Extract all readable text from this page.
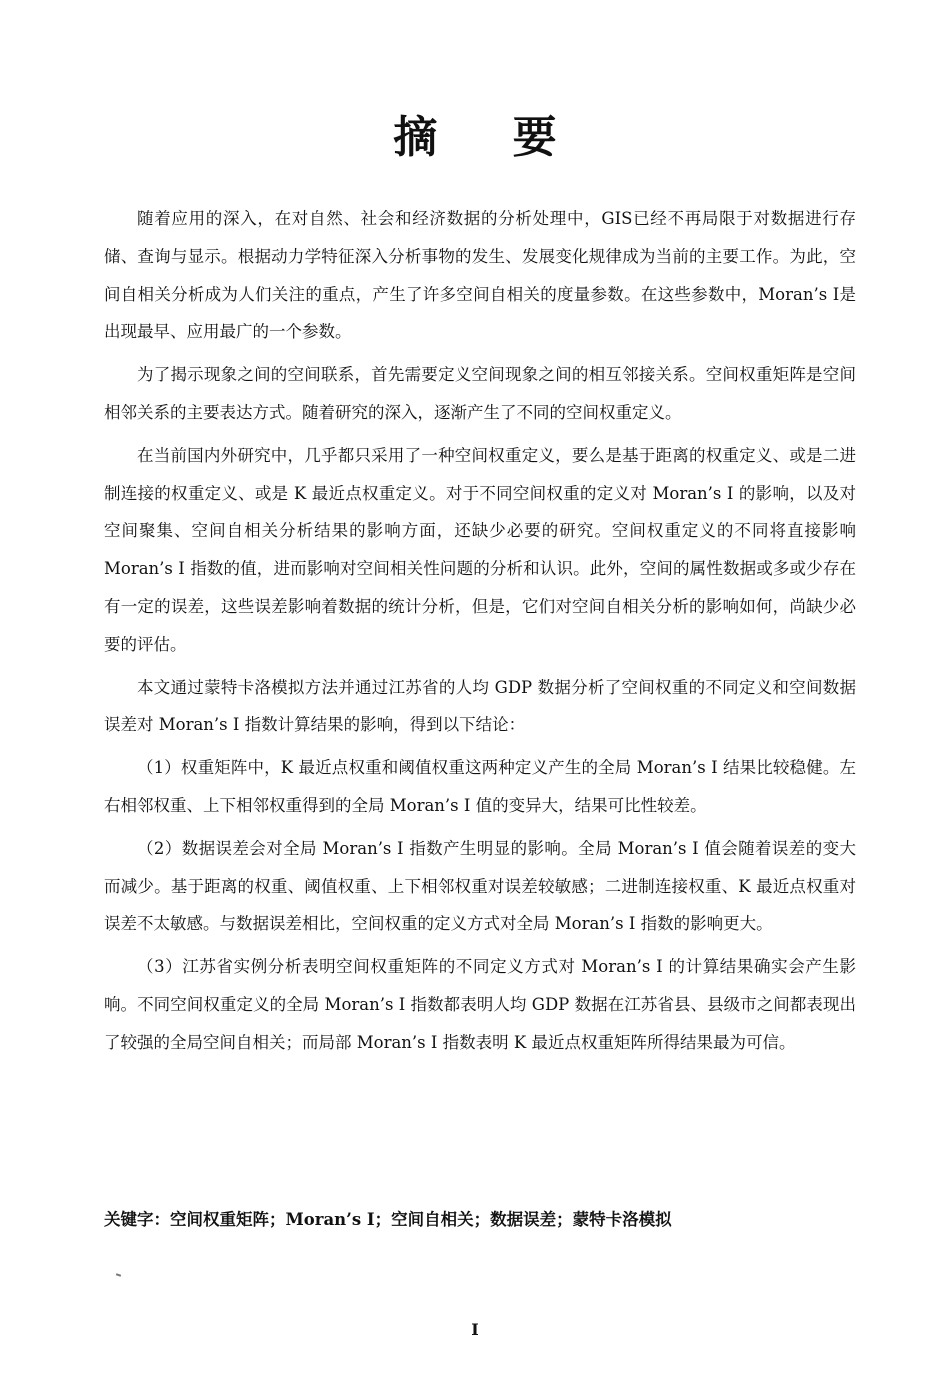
摘 要

随着应用的深入，在对自然、社会和经济数据的分析处理中，GIS已经不再局限于对数据进行存储、查询与显示。根据动力学特征深入分析事物的发生、发展变化规律成为当前的主要工作。为此，空间自相关分析成为人们关注的重点，产生了许多空间自相关的度量参数。在这些参数中，Moran’s I是出现最早、应用最广的一个参数。

为了揭示现象之间的空间联系，首先需要定义空间现象之间的相互邻接关系。空间权重矩阵是空间相邻关系的主要表达方式。随着研究的深入，逐渐产生了不同的空间权重定义。

在当前国内外研究中，几乎都只采用了一种空间权重定义，要么是基于距离的权重定义、或是二进制连接的权重定义、或是 K 最近点权重定义。对于不同空间权重的定义对 Moran’s I 的影响，以及对空间聚集、空间自相关分析结果的影响方面，还缺少必要的研究。空间权重定义的不同将直接影响 Moran’s I 指数的值，进而影响对空间相关性问题的分析和认识。此外，空间的属性数据或多或少存在有一定的误差，这些误差影响着数据的统计分析，但是，它们对空间自相关分析的影响如何，尚缺少必要的评估。

本文通过蒙特卡洛模拟方法并通过江苏省的人均 GDP 数据分析了空间权重的不同定义和空间数据误差对 Moran’s I 指数计算结果的影响，得到以下结论：

（1）权重矩阵中，K 最近点权重和阈值权重这两种定义产生的全局 Moran’s I 结果比较稳健。左右相邻权重、上下相邻权重得到的全局 Moran’s I 值的变异大，结果可比性较差。

（2）数据误差会对全局 Moran’s I 指数产生明显的影响。全局 Moran’s I 值会随着误差的变大而减少。基于距离的权重、阈值权重、上下相邻权重对误差较敏感；二进制连接权重、K 最近点权重对误差不太敏感。与数据误差相比，空间权重的定义方式对全局 Moran’s I 指数的影响更大。

（3）江苏省实例分析表明空间权重矩阵的不同定义方式对 Moran’s I 的计算结果确实会产生影响。不同空间权重定义的全局 Moran’s I 指数都表明人均 GDP 数据在江苏省县、县级市之间都表现出了较强的全局空间自相关；而局部 Moran’s I 指数表明 K 最近点权重矩阵所得结果最为可信。

关键字：空间权重矩阵；Moran’s I；空间自相关；数据误差；蒙特卡洛模拟

I
